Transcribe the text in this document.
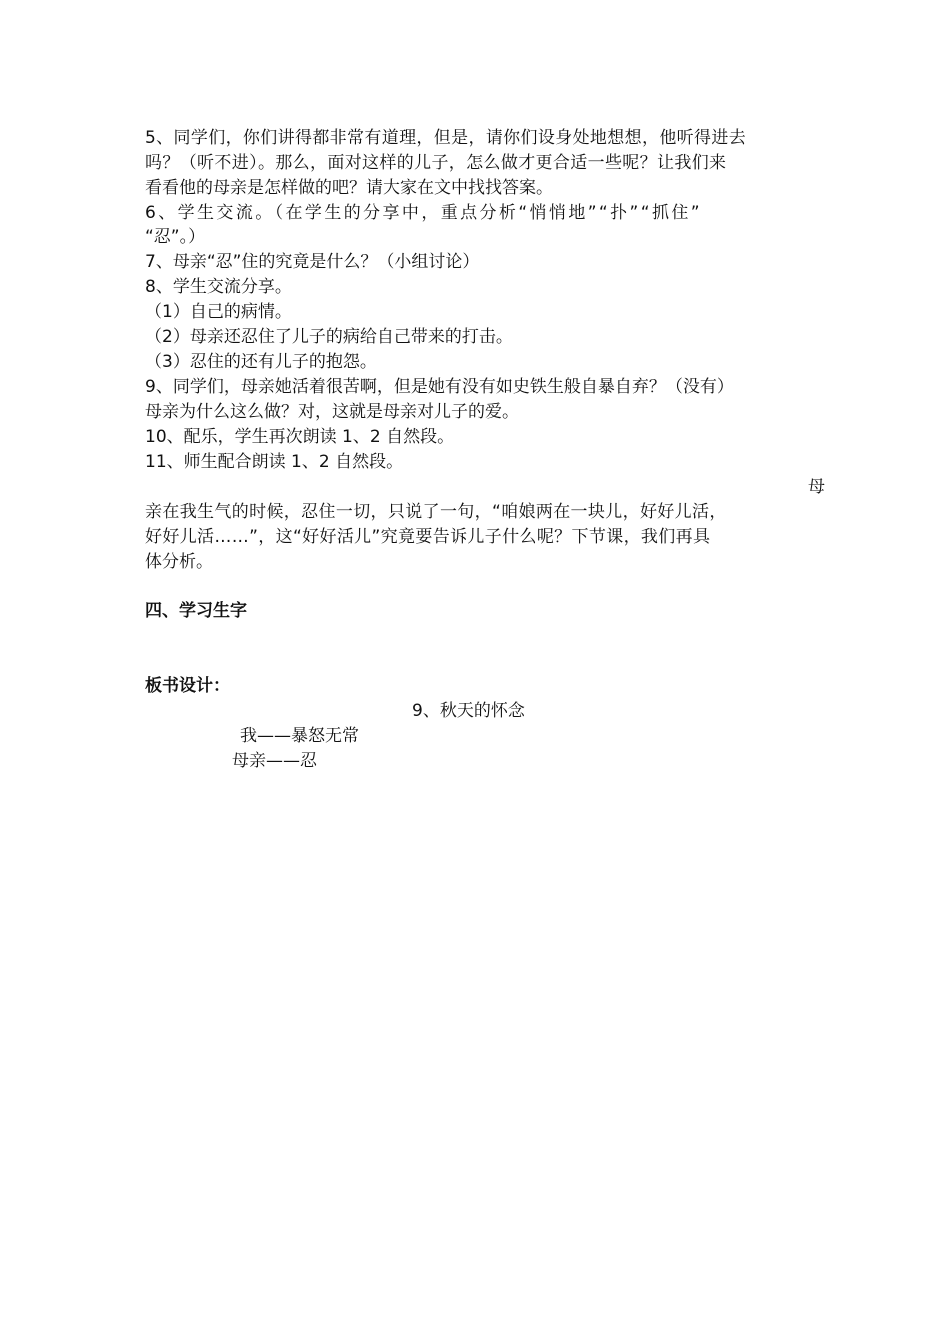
5、同学们，你们讲得都非常有道理，但是，请你们设身处地想想，他听得进去
吗？（听不进）。那么，面对这样的儿子，怎么做才更合适一些呢？让我们来
看看他的母亲是怎样做的吧？请大家在文中找找答案。
6、学生交流。（在学生的分享中，重点分析“悄悄地”“扑”“抓住”
“忍”。）
7、母亲“忍”住的究竟是什么？（小组讨论）
8、学生交流分享。
（1）自己的病情。
（2）母亲还忍住了儿子的病给自己带来的打击。
（3）忍住的还有儿子的抱怨。
9、同学们，母亲她活着很苦啊，但是她有没有如史铁生般自暴自弃？（没有）
母亲为什么这么做？对，这就是母亲对儿子的爱。
10、配乐，学生再次朗读 1、2 自然段。
11、师生配合朗读 1、2 自然段。
母
亲在我生气的时候，忍住一切，只说了一句，“咱娘两在一块儿，好好儿活，
好好儿活……”，这“好好活儿”究竟要告诉儿子什么呢？下节课，我们再具
体分析。
四、学习生字
板书设计：
9、秋天的怀念
我——暴怒无常
母亲——忍
